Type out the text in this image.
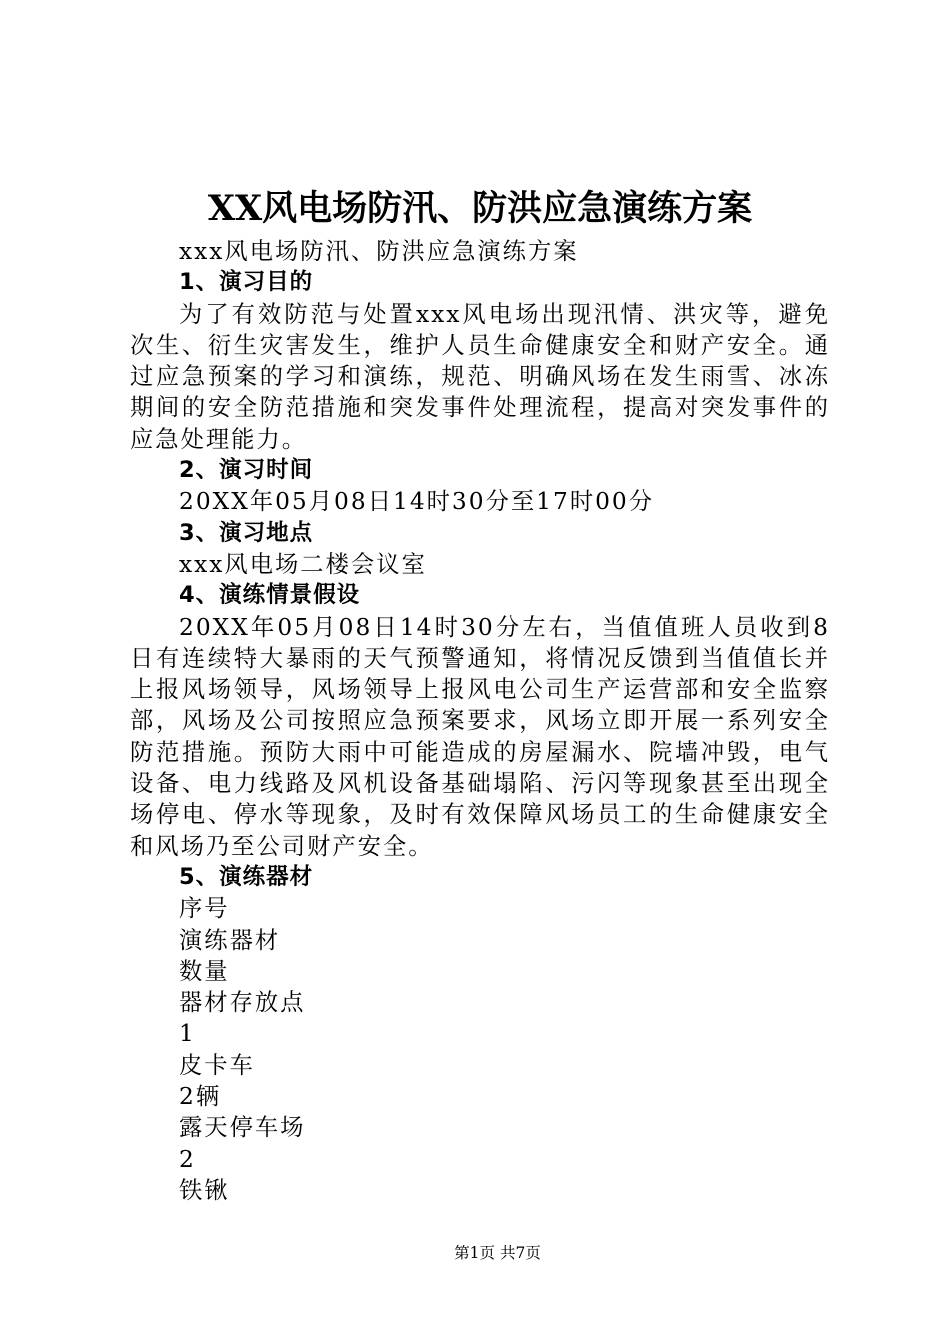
XX风电场防汛、防洪应急演练方案
xxx风电场防汛、防洪应急演练方案
1、演习目的
为了有效防范与处置xxx风电场出现汛情、洪灾等，避免次生、衍生灾害发生，维护人员生命健康安全和财产安全。通过应急预案的学习和演练，规范、明确风场在发生雨雪、冰冻期间的安全防范措施和突发事件处理流程，提高对突发事件的应急处理能力。
2、演习时间
20XX年05月08日14时30分至17时00分
3、演习地点
xxx风电场二楼会议室
4、演练情景假设
20XX年05月08日14时30分左右，当值值班人员收到8日有连续特大暴雨的天气预警通知，将情况反馈到当值值长并上报风场领导，风场领导上报风电公司生产运营部和安全监察部，风场及公司按照应急预案要求，风场立即开展一系列安全防范措施。预防大雨中可能造成的房屋漏水、院墙冲毁，电气设备、电力线路及风机设备基础塌陷、污闪等现象甚至出现全场停电、停水等现象，及时有效保障风场员工的生命健康安全和风场乃至公司财产安全。
5、演练器材
序号
演练器材
数量
器材存放点
1
皮卡车
2辆
露天停车场
2
铁锹
第1页 共7页
